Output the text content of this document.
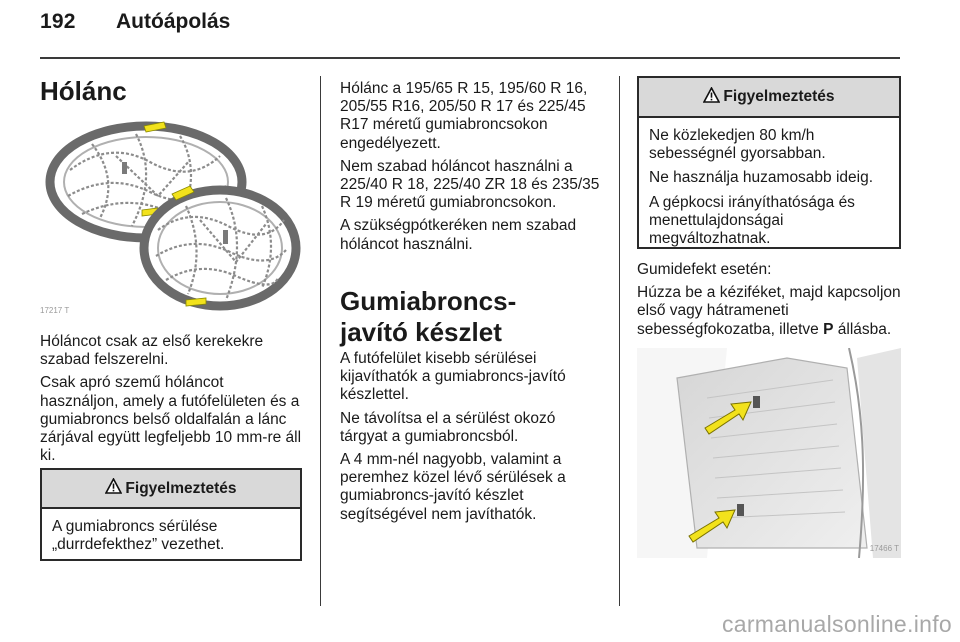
192 Autóápolás
Hólánc
17217 T

Hóláncot csak az első kerekekre szabad felszerelni.

Csak apró szemű hóláncot használjon, amely a futófelületen és a gumiabroncs belső oldalfalán a lánc zárjával együtt legfeljebb 10 mm-re áll ki.

Figyelmeztetés

A gumiabroncs sérülése „durrdefekthez” vezethet.

Hólánc a 195/65 R 15, 195/60 R 16, 205/55 R16, 205/50 R 17 és 225/45 R17 méretű gumiabroncsokon engedélyezett.

Nem szabad hóláncot használni a 225/40 R 18, 225/40 ZR 18 és 235/35 R 19 méretű gumiabroncsokon.

A szükségpótkeréken nem szabad hóláncot használni.

Gumiabroncs-javító készlet

A futófelület kisebb sérülései kijavíthatók a gumiabroncs-javító készlettel.

Ne távolítsa el a sérülést okozó tárgyat a gumiabroncsból.

A 4 mm-nél nagyobb, valamint a peremhez közel lévő sérülések a gumiabroncs-javító készlet segítségével nem javíthatók.

Figyelmeztetés

Ne közlekedjen 80 km/h sebességnél gyorsabban.

Ne használja huzamosabb ideig.

A gépkocsi irányíthatósága és menettulajdonságai megváltozhatnak.

Gumidefekt esetén:

Húzza be a kéziféket, majd kapcsoljon első vagy hátrameneti sebességfokozatba, illetve P állásba.

17466 T
carmanualsonline.info
